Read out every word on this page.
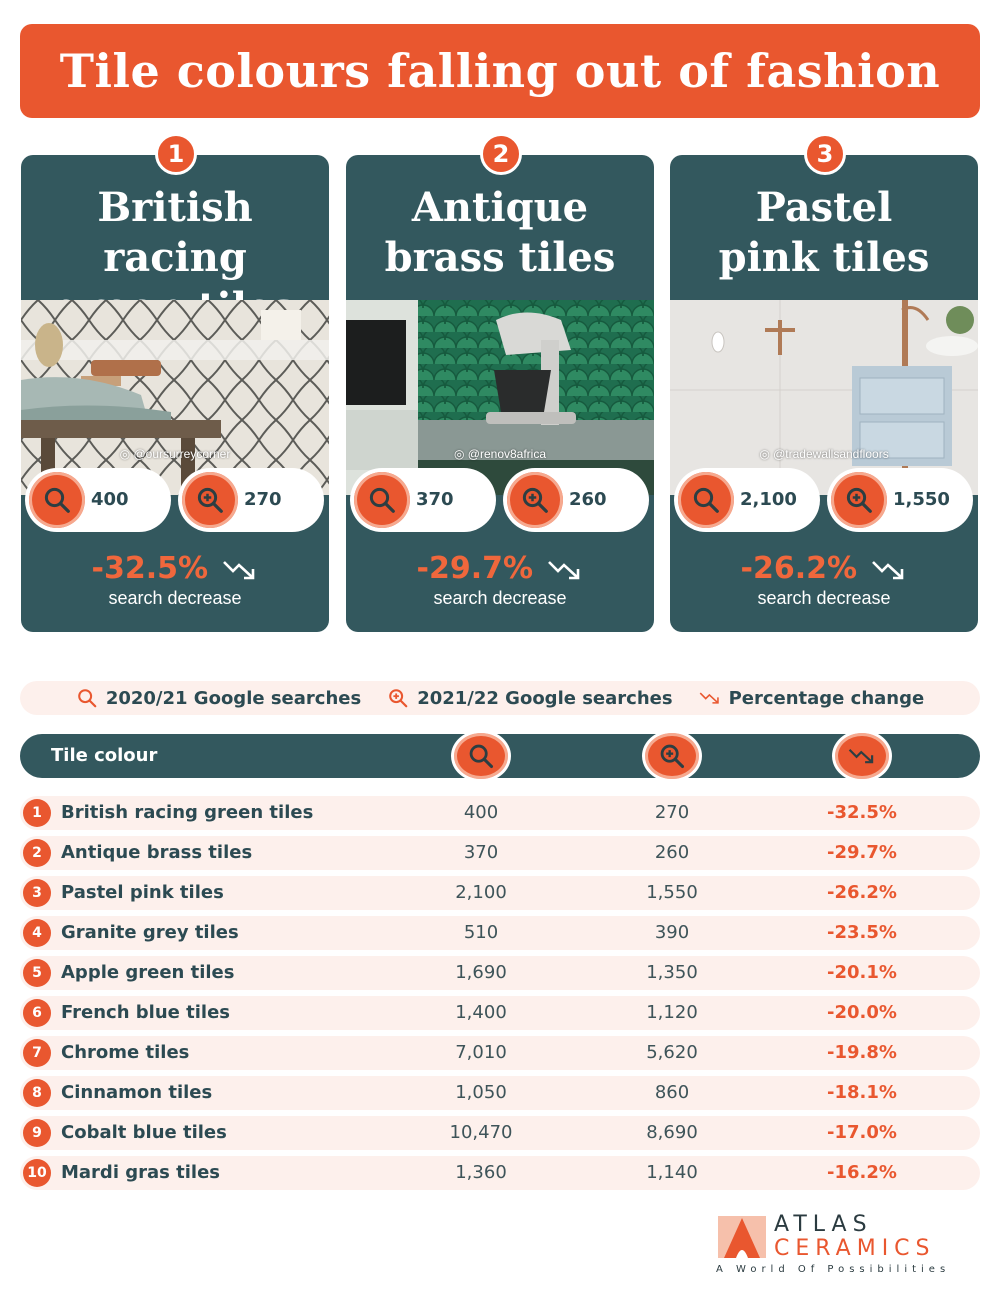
Tile colours falling out of fashion
1
British racing
◎ @oursurreycorner
400	270
-32.5%
search decrease
2
Antique
brass tiles
◎ @renov8africa
370	260
-29.7%
search decrease
3
Pastel
pink tiles
◎ @tradewallsandfloors
2,100	1,550
-26.2%
search decrease
2020/21 Google searches	2021/22 Google searches	Percentage change
Tile colour
1	British racing green tiles	400	270	-32.5%
2	Antique brass tiles	370	260	-29.7%
3	Pastel pink tiles	2,100	1,550	-26.2%
4	Granite grey tiles	510	390	-23.5%
5	Apple green tiles	1,690	1,350	-20.1%
6	French blue tiles	1,400	1,120	-20.0%
7	Chrome tiles	7,010	5,620	-19.8%
8	Cinnamon tiles	1,050	860	-18.1%
9	Cobalt blue tiles	10,470	8,690	-17.0%
10 Mardi gras tiles	1,360	1,140	-16.2%
ATLAS
CERAMICS
A World Of Possibilities
